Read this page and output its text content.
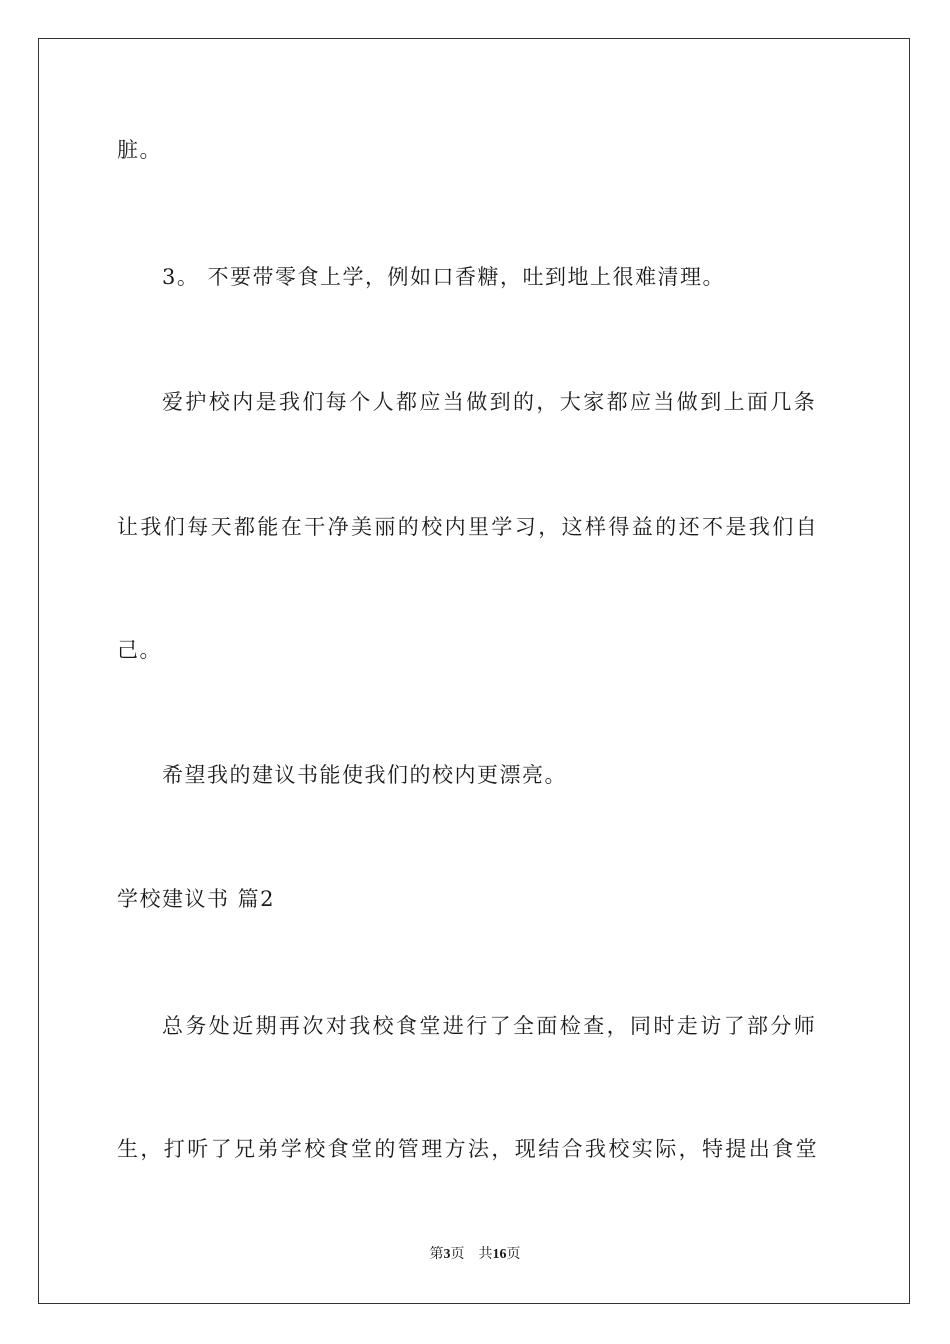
脏。
3。 不要带零食上学，例如口香糖，吐到地上很难清理。
爱护校内是我们每个人都应当做到的，大家都应当做到上面几条
让我们每天都能在干净美丽的校内里学习，这样得益的还不是我们自
己。
希望我的建议书能使我们的校内更漂亮。
学校建议书 篇2
总务处近期再次对我校食堂进行了全面检查，同时走访了部分师
生，打听了兄弟学校食堂的管理方法，现结合我校实际，特提出食堂
第3页 共16页
